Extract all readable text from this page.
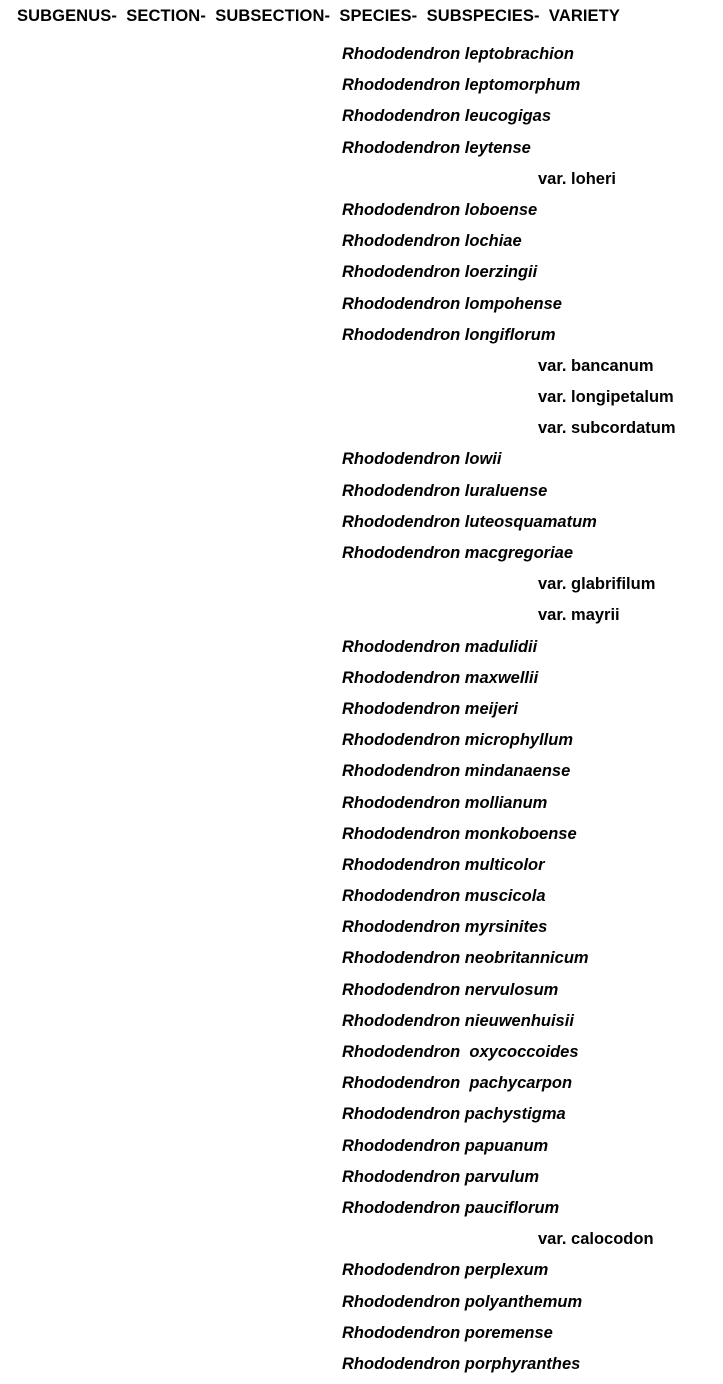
SUBGENUS-  SECTION-  SUBSECTION-  SPECIES-  SUBSPECIES-  VARIETY
Rhododendron leptobrachion
Rhododendron leptomorphum
Rhododendron leucogigas
Rhododendron leytense
var. loheri
Rhododendron loboense
Rhododendron lochiae
Rhododendron loerzingii
Rhododendron lompohense
Rhododendron longiflorum
var. bancanum
var. longipetalum
var. subcordatum
Rhododendron lowii
Rhododendron luraluense
Rhododendron luteosquamatum
Rhododendron macgregoriae
var. glabrifilum
var. mayrii
Rhododendron madulidii
Rhododendron maxwellii
Rhododendron meijeri
Rhododendron microphyllum
Rhododendron mindanaense
Rhododendron mollianum
Rhododendron monkoboense
Rhododendron multicolor
Rhododendron muscicola
Rhododendron myrsinites
Rhododendron neobritannicum
Rhododendron nervulosum
Rhododendron nieuwenhuisii
Rhododendron  oxycoccoides
Rhododendron  pachycarpon
Rhododendron pachystigma
Rhododendron papuanum
Rhododendron parvulum
Rhododendron pauciflorum
var. calocodon
Rhododendron perplexum
Rhododendron polyanthemum
Rhododendron poremense
Rhododendron porphyranthes
